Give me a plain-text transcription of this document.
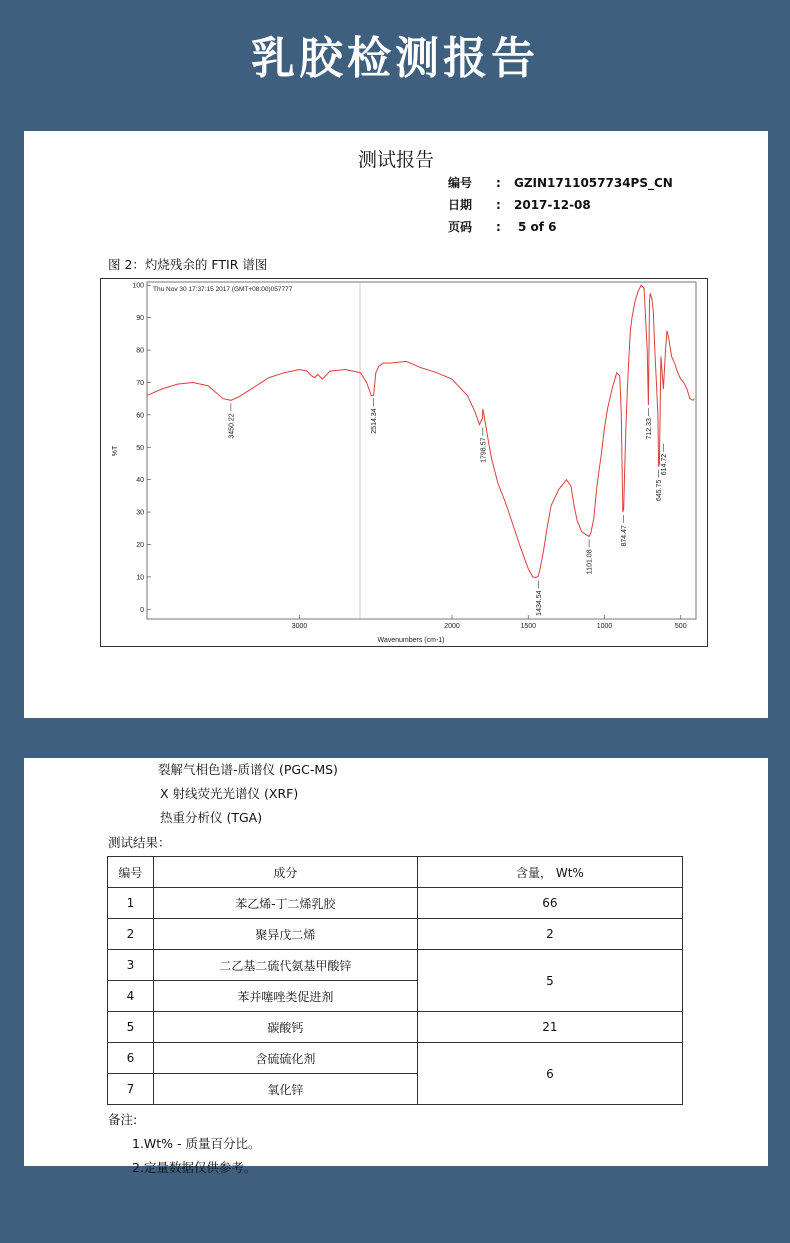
乳胶检测报告
测试报告
编号 : GZIN1711057734PS_CN
日期 : 2017-12-08
页码 : 5 of 6
图 2：灼烧残余的 FTIR 谱图
Thu Nov 30 17:37:15 2017 (GMT+08:00)057777
%T
Wavenumbers (cm-1)
0
10
20
30
40
50
60
70
80
90
100
3000	2000	1500	1000	500
3450.22	2514.34
1798.57
1434.54
1101.08
874.47
712.33
645.75
614.72
裂解气相色谱-质谱仪 (PGC-MS)
X 射线荧光光谱仪 (XRF)
热重分析仪 (TGA)
测试结果：
编号	成分	含量， Wt%
1	苯乙烯-丁二烯乳胶	66
2	聚异戊二烯	2
3	二乙基二硫代氨基甲酸锌	5
4	苯并噻唑类促进剂	
5	碳酸钙	21
6	含硫硫化剂	6
7	氧化锌	
备注:
1.Wt% - 质量百分比。
2.定量数据仅供参考。
